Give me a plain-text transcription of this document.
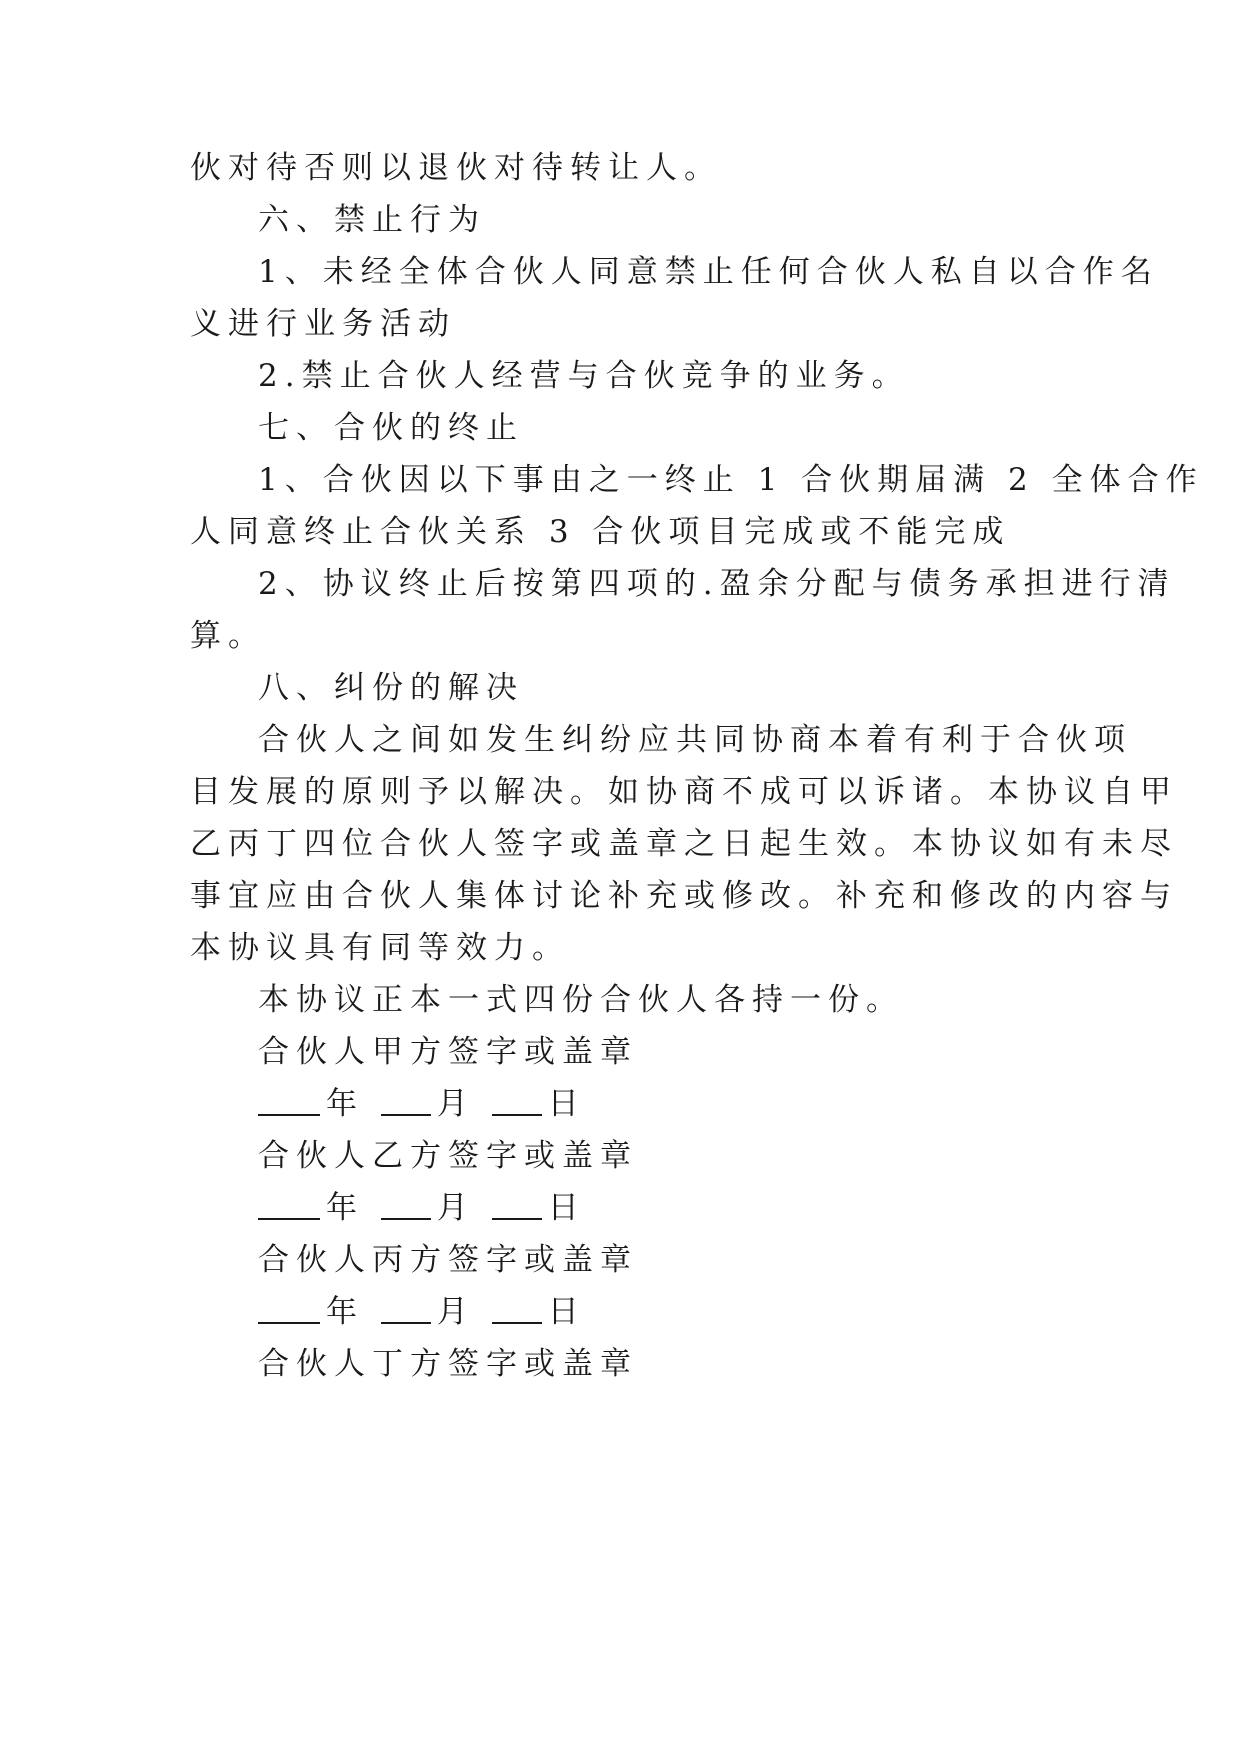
伙对待否则以退伙对待转让人。
六、禁止行为
1、未经全体合伙人同意禁止任何合伙人私自以合作名
义进行业务活动
2.禁止合伙人经营与合伙竞争的业务。
七、合伙的终止
1、合伙因以下事由之一终止 1 合伙期届满 2 全体合作
人同意终止合伙关系 3 合伙项目完成或不能完成
2、协议终止后按第四项的.盈余分配与债务承担进行清
算。
八、纠份的解决
合伙人之间如发生纠纷应共同协商本着有利于合伙项
目发展的原则予以解决。如协商不成可以诉诸。本协议自甲
乙丙丁四位合伙人签字或盖章之日起生效。本协议如有未尽
事宜应由合伙人集体讨论补充或修改。补充和修改的内容与
本协议具有同等效力。
本协议正本一式四份合伙人各持一份。
合伙人甲方签字或盖章
年 月 日
合伙人乙方签字或盖章
年 月 日
合伙人丙方签字或盖章
年 月 日
合伙人丁方签字或盖章
